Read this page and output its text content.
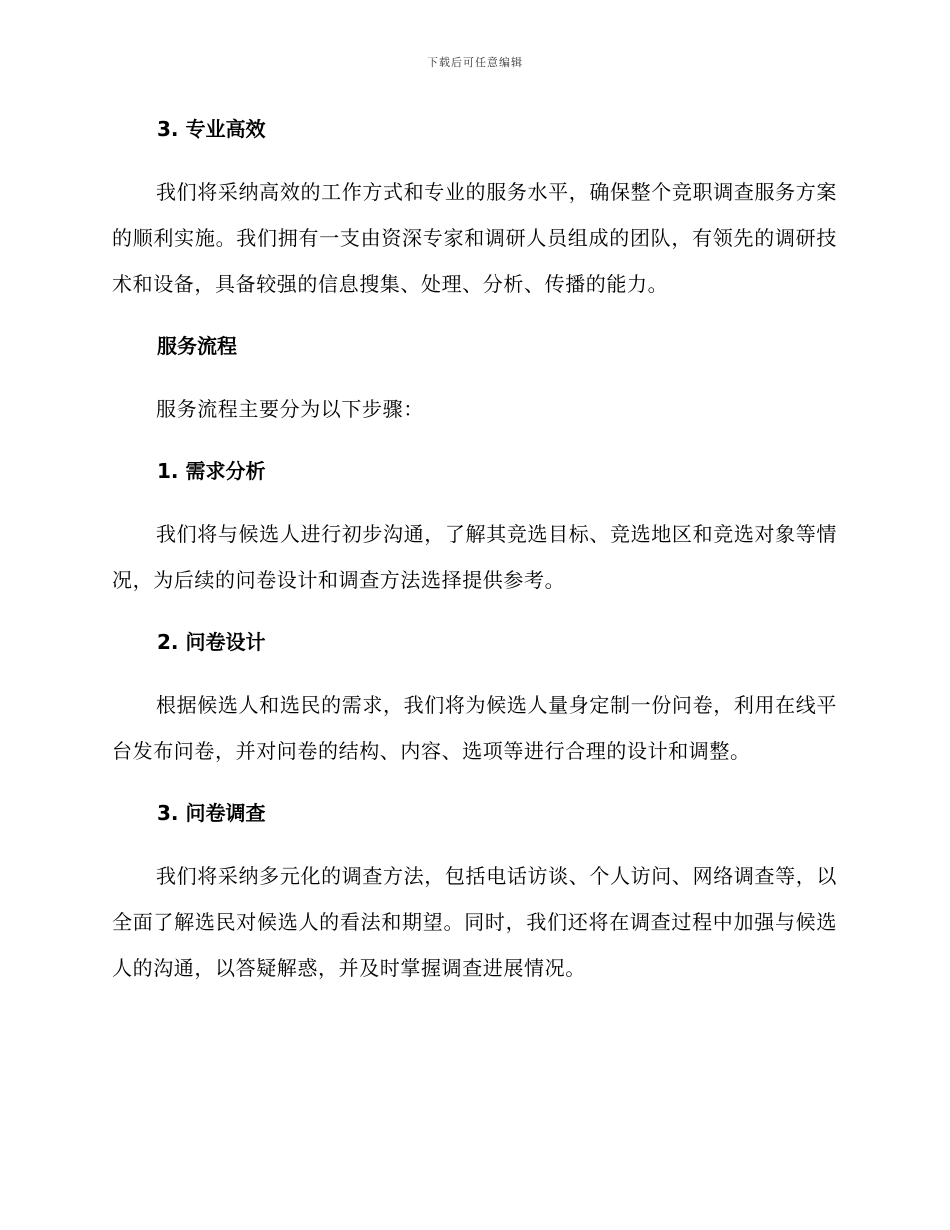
下载后可任意编辑
3. 专业高效

我们将采纳高效的工作方式和专业的服务水平，确保整个竞职调查服务方案的顺利实施。我们拥有一支由资深专家和调研人员组成的团队，有领先的调研技术和设备，具备较强的信息搜集、处理、分析、传播的能力。

服务流程

服务流程主要分为以下步骤：

1. 需求分析

我们将与候选人进行初步沟通，了解其竞选目标、竞选地区和竞选对象等情况，为后续的问卷设计和调查方法选择提供参考。

2. 问卷设计

根据候选人和选民的需求，我们将为候选人量身定制一份问卷，利用在线平台发布问卷，并对问卷的结构、内容、选项等进行合理的设计和调整。

3. 问卷调查

我们将采纳多元化的调查方法，包括电话访谈、个人访问、网络调查等，以全面了解选民对候选人的看法和期望。同时，我们还将在调查过程中加强与候选人的沟通，以答疑解惑，并及时掌握调查进展情况。
